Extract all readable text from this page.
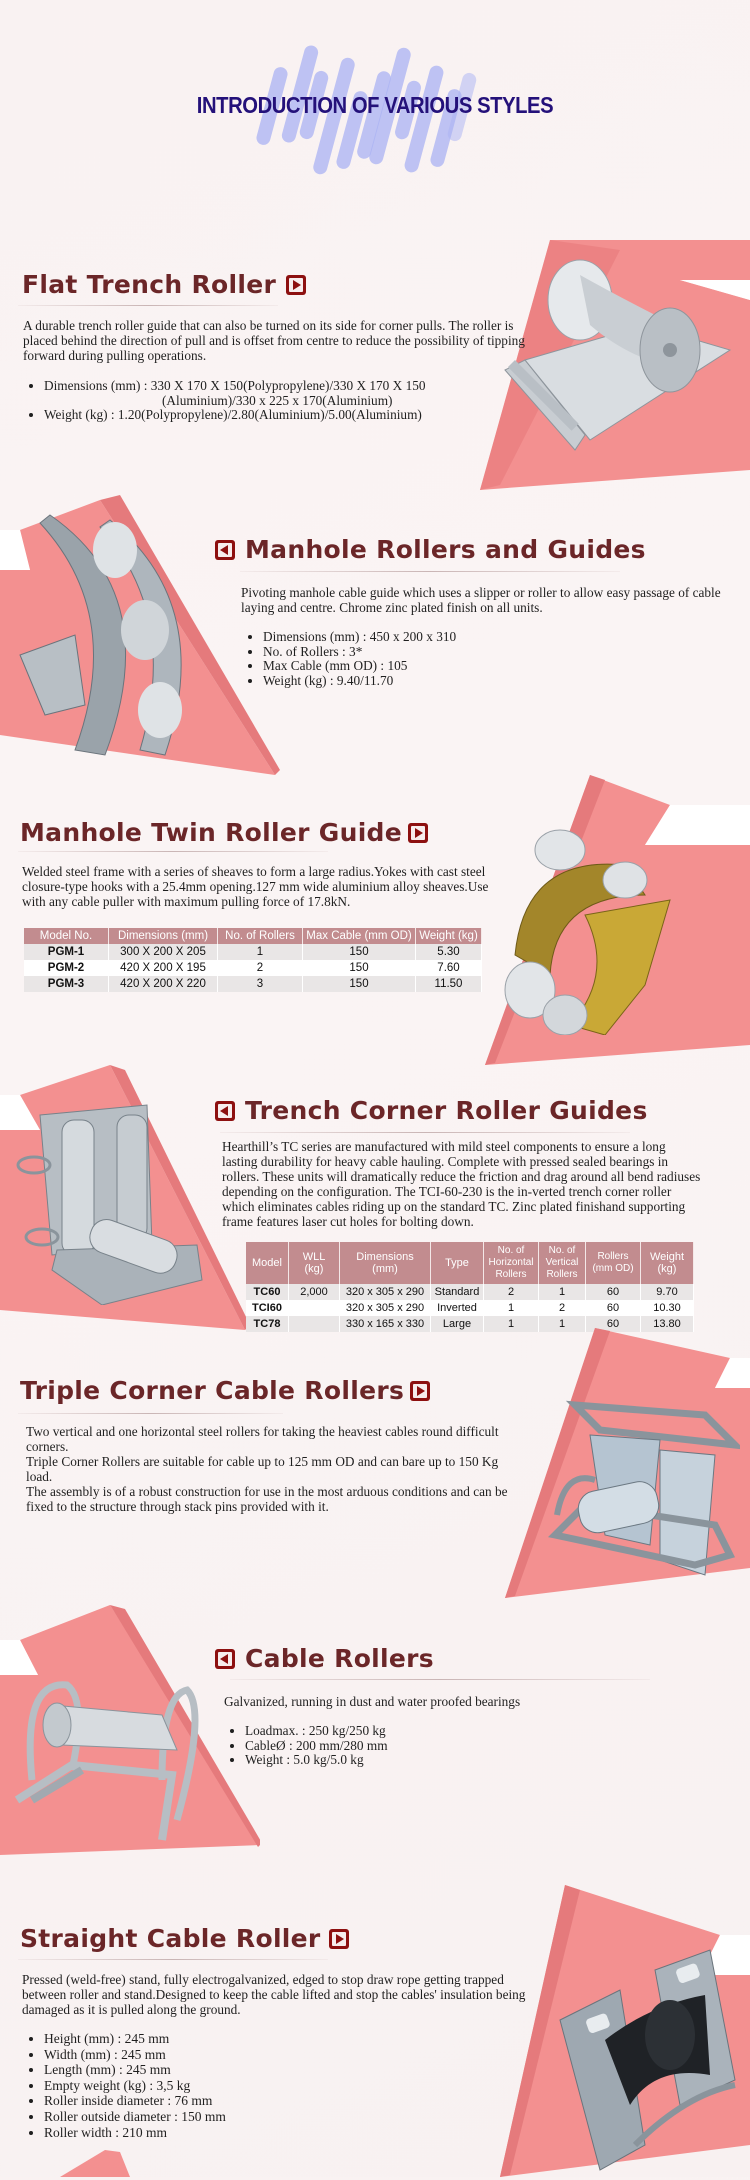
INTRODUCTION OF VARIOUS STYLES
Flat Trench Roller

A durable trench roller guide that can also be turned on its side for corner pulls. The roller is placed behind the direction of pull and is offset from centre to reduce the possibility of tipping forward during pulling operations.

• Dimensions (mm) : 330 X 170 X 150(Polypropylene)/330 X 170 X 150
(Aluminium)/330 x 225 x 170(Aluminium)
• Weight (kg) : 1.20(Polypropylene)/2.80(Aluminium)/5.00(Aluminium)
Manhole Rollers and Guides

Pivoting manhole cable guide which uses a slipper or roller to allow easy passage of cable laying and centre. Chrome zinc plated finish on all units.

• Dimensions (mm) : 450 x 200 x 310
• No. of Rollers : 3*
• Max Cable (mm OD) : 105
• Weight (kg) : 9.40/11.70
Manhole Twin Roller Guide

Welded steel frame with a series of sheaves to form a large radius.Yokes with cast steel closure-type hooks with a 25.4mm opening.127 mm wide aluminium alloy sheaves.Use with any cable puller with maximum pulling force of 17.8kN.

Model No.	Dimensions (mm)	No. of Rollers	Max Cable (mm OD)	Weight (kg)
PGM-1	300 X 200 X 205	1	150	5.30
PGM-2	420 X 200 X 195	2	150	7.60
PGM-3	420 X 200 X 220	3	150	11.50
Trench Corner Roller Guides

Hearthill’s TC series are manufactured with mild steel components to ensure a long lasting durability for heavy cable hauling. Complete with pressed sealed bearings in rollers. These units will dramatically reduce the friction and drag around all bend radiuses depending on the configuration. The TCI-60-230 is the in-verted trench corner roller which eliminates cables riding up on the standard TC. Zinc plated finishand supporting frame features laser cut holes for bolting down.

Model	WLL (kg)	Dimensions (mm)	Type	No. of Horizontal Rollers	No. of Vertical Rollers	Rollers (mm OD)	Weight (kg)
TC60	2,000	320 x 305 x 290	Standard	2	1	60	9.70
TCI60		320 x 305 x 290	Inverted	1	2	60	10.30
TC78		330 x 165 x 330	Large	1	1	60	13.80
Triple Corner Cable Rollers

Two vertical and one horizontal steel rollers for taking the heaviest cables round difficult corners.

Triple Corner Rollers are suitable for cable up to 125 mm OD and can bare up to 150 Kg load.

The assembly is of a robust construction for use in the most arduous conditions and can be fixed to the structure through stack pins provided with it.

Cable Rollers

Galvanized, running in dust and water proofed bearings

• Loadmax. : 250 kg/250 kg
• CableØ : 200 mm/280 mm
• Weight : 5.0 kg/5.0 kg
Straight Cable Roller

Pressed (weld-free) stand, fully electrogalvanized, edged to stop draw rope getting trapped between roller and stand.Designed to keep the cable lifted and stop the cables' insulation being damaged as it is pulled along the ground.

• Height (mm) : 245 mm
• Width (mm) : 245 mm
• Length (mm) : 245 mm
• Empty weight (kg) : 3,5 kg
• Roller inside diameter : 76 mm
• Roller outside diameter : 150 mm
• Roller width : 210 mm
